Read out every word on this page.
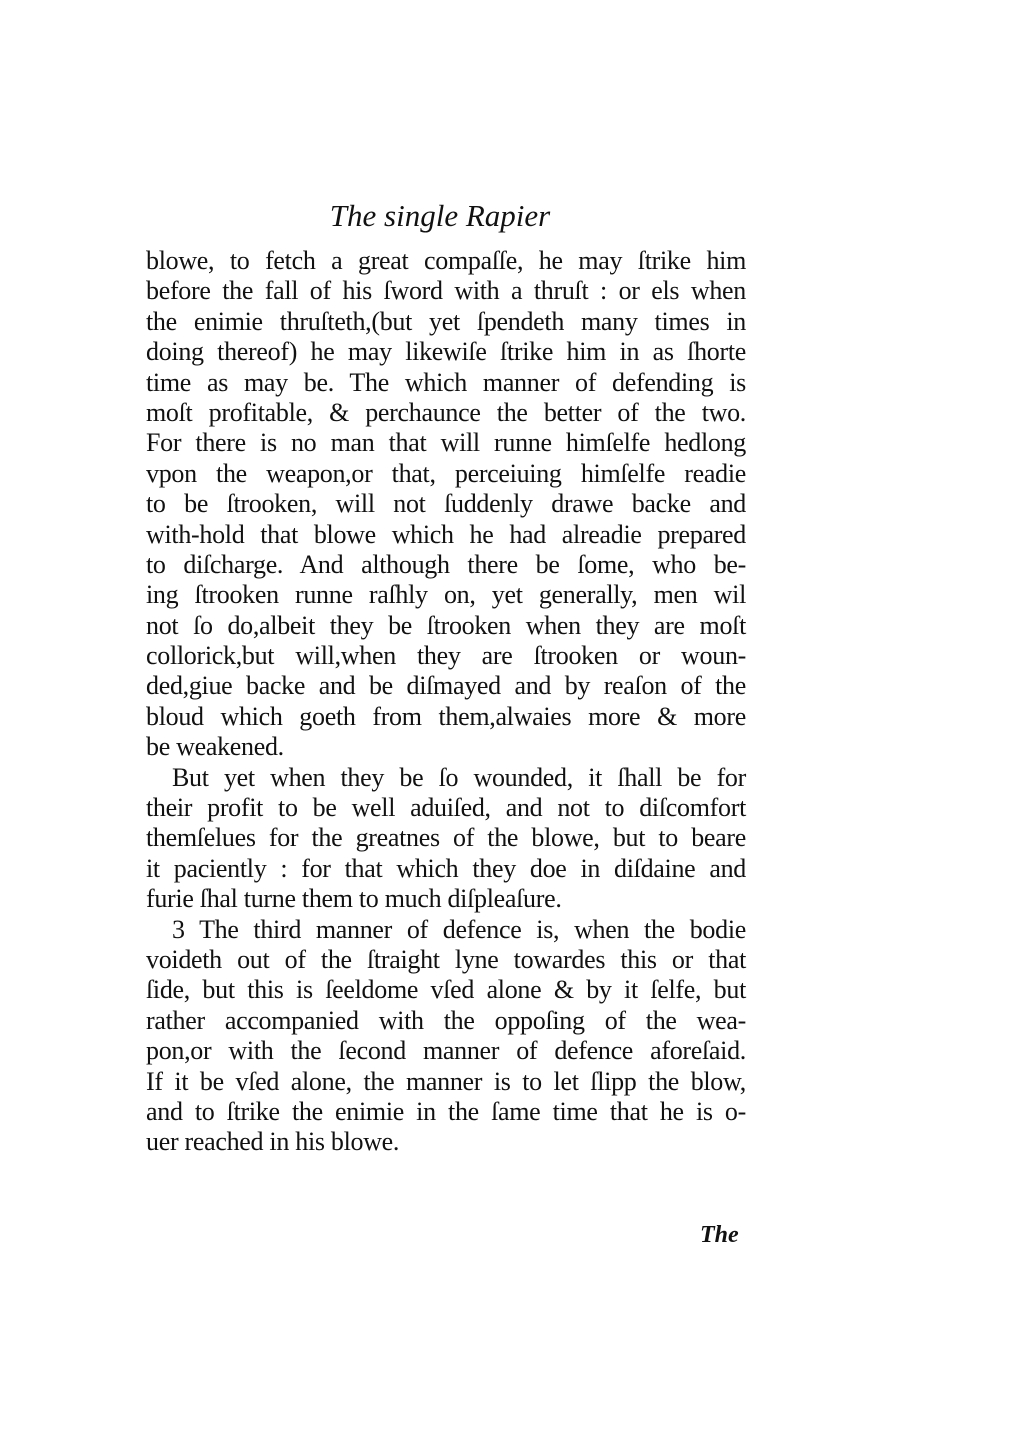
The single Rapier
blowe, to fetch a great compaſſe, he may ſtrike him
before the fall of his ſword with a thruſt : or els when
the enimie thruſteth,(but yet ſpendeth many times in
doing thereof) he may likewiſe ſtrike him in as ſhorte
time as may be. The which manner of defending is
moſt profitable, & perchaunce the better of the two.
For there is no man that will runne himſelfe hedlong
vpon the weapon,or that, perceiuing himſelfe readie
to be ſtrooken, will not ſuddenly drawe backe and
with-hold that blowe which he had alreadie prepared
to diſcharge. And although there be ſome, who be-
ing ſtrooken runne raſhly on, yet generally, men wil
not ſo do,albeit they be ſtrooken when they are moſt
collorick,but will,when they are ſtrooken or woun-
ded,giue backe and be diſmayed and by reaſon of the
bloud which goeth from them,alwaies more & more
be weakened.
But yet when they be ſo wounded, it ſhall be for
their profit to be well aduiſed, and not to diſcomfort
themſelues for the greatnes of the blowe, but to beare
it paciently : for that which they doe in diſdaine and
furie ſhal turne them to much diſpleaſure.
3 The third manner of defence is, when the bodie
voideth out of the ſtraight lyne towardes this or that
ſide, but this is ſeeldome vſed alone & by it ſelfe, but
rather accompanied with the oppoſing of the wea-
pon,or with the ſecond manner of defence aforeſaid.
If it be vſed alone, the manner is to let ſlipp the blow,
and to ſtrike the enimie in the ſame time that he is o-
uer reached in his blowe.
The
